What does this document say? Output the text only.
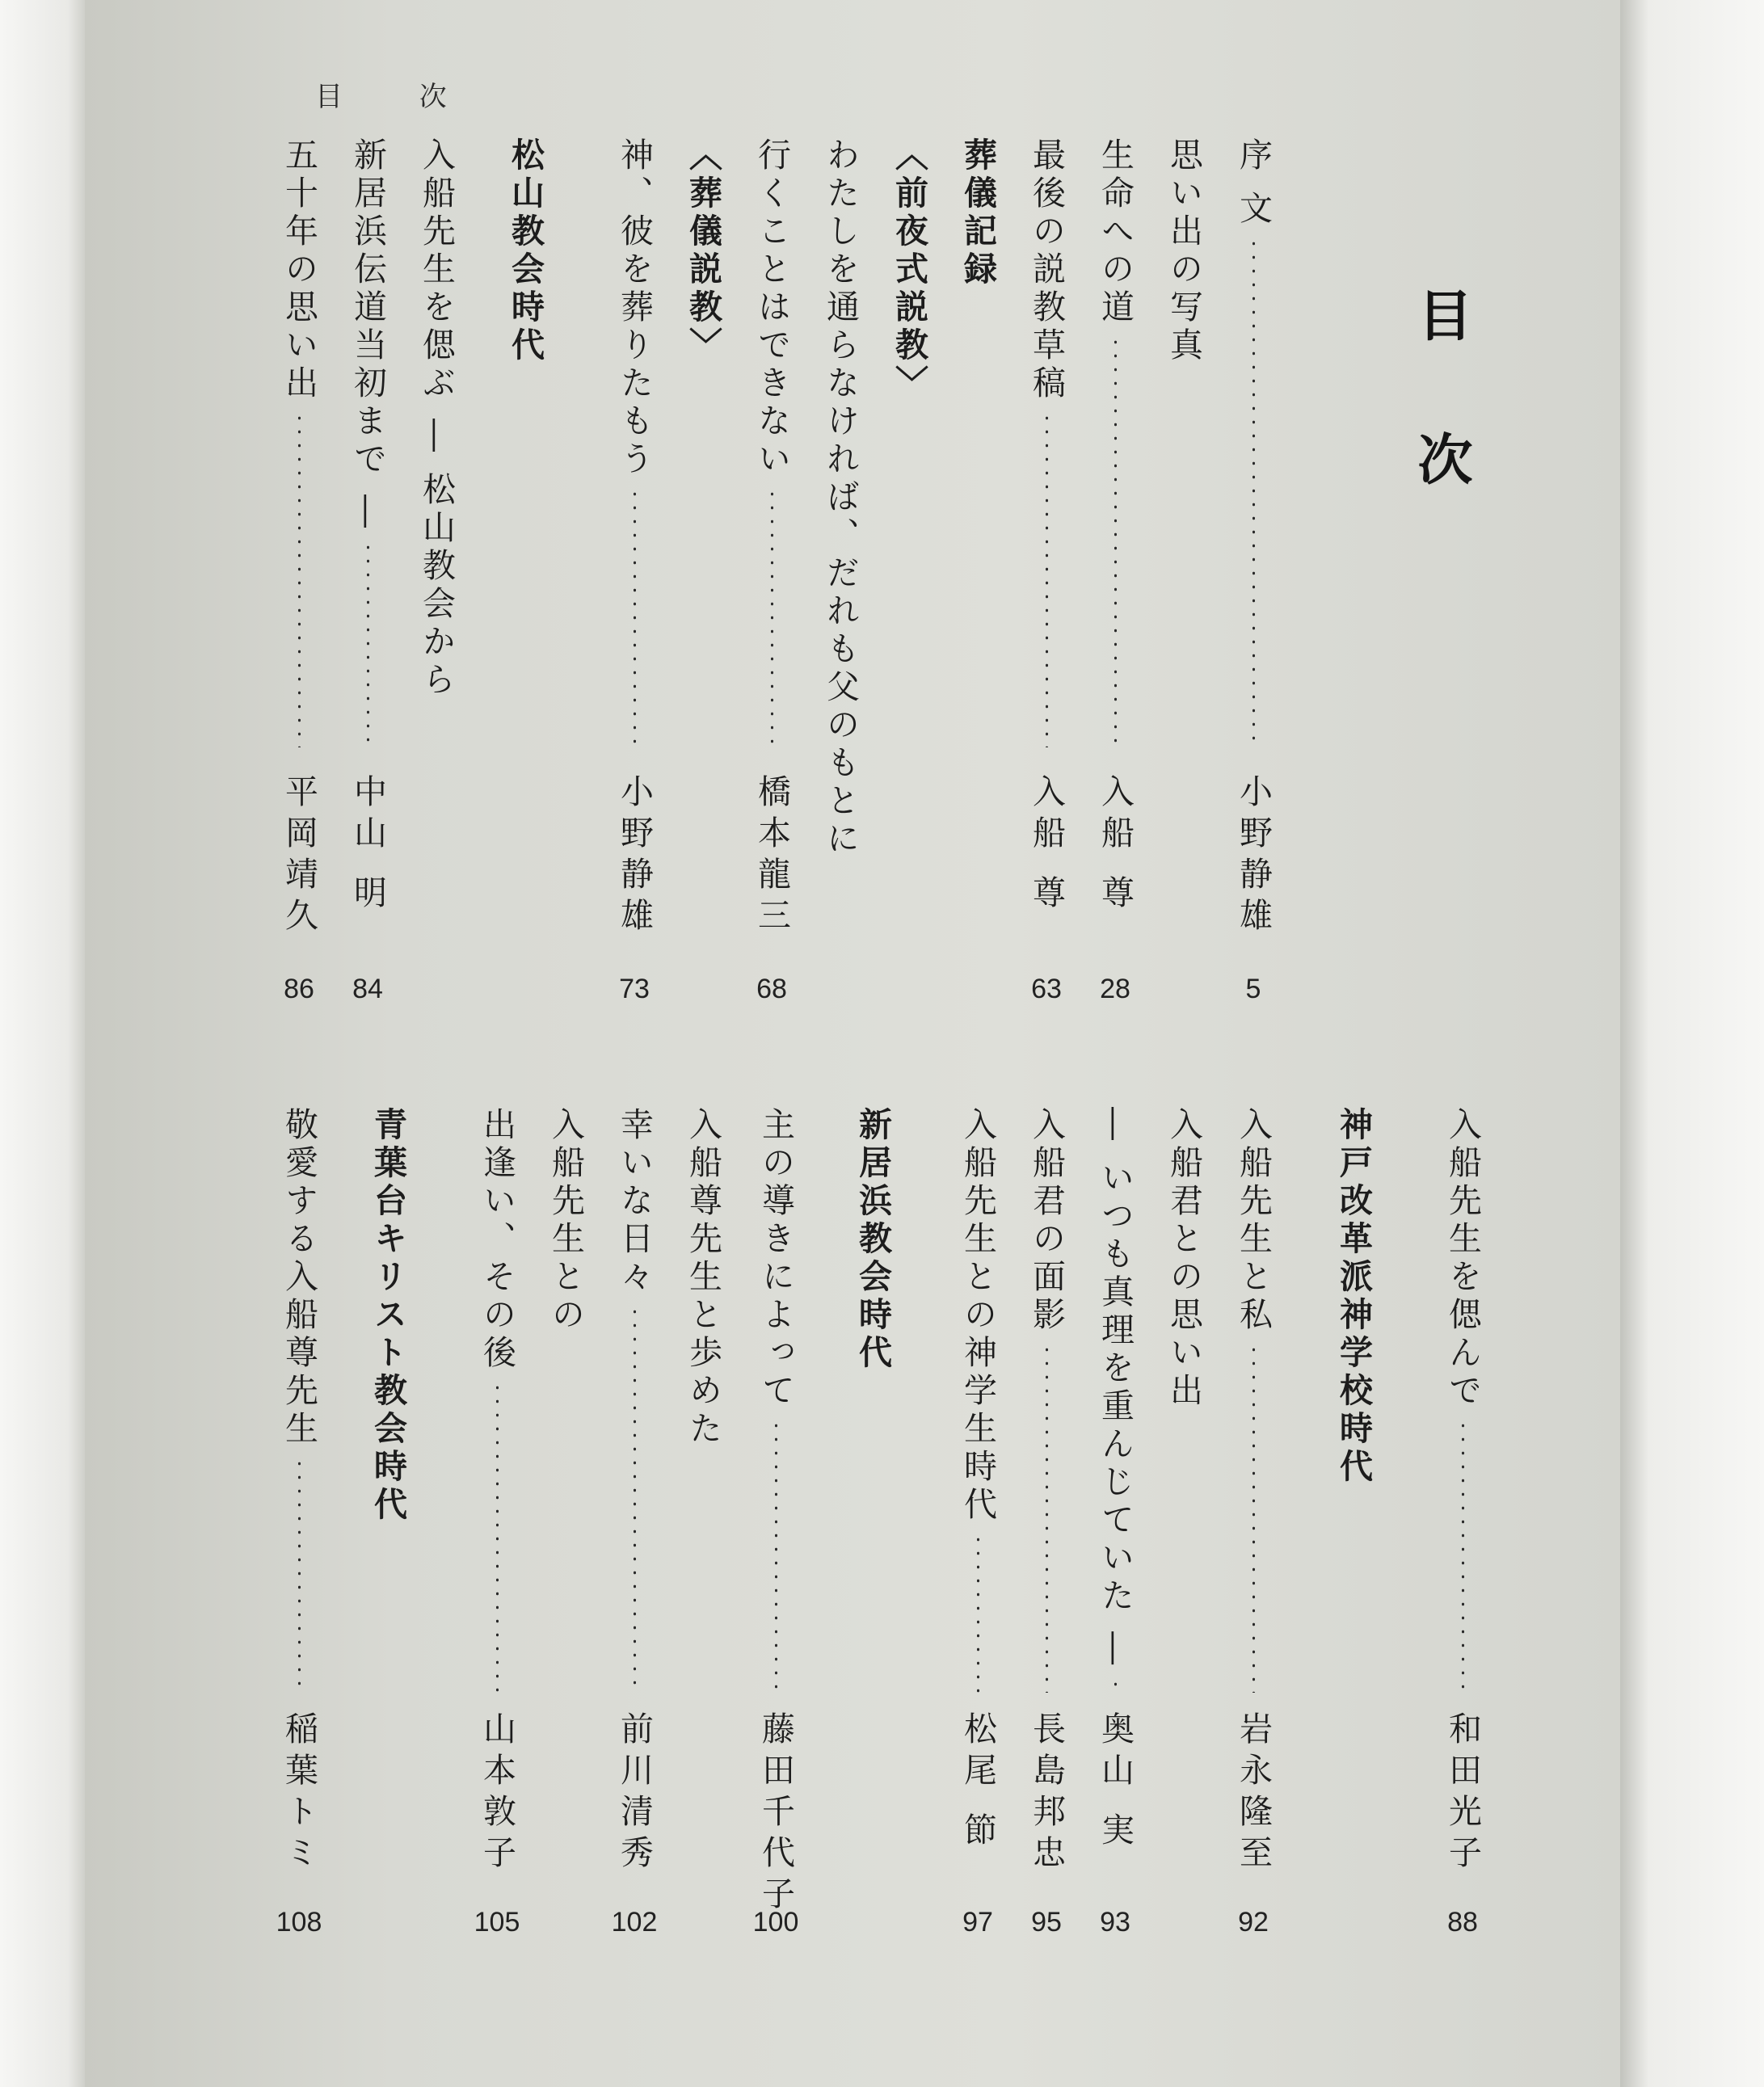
目 次
目次
序 文
小野静雄
5
思い出の写真
生命への道
入船 尊
28
最後の説教草稿
入船 尊
63
葬儀記録
〈前夜式説教〉
わたしを通らなければ、だれも父のもとに
行くことはできない
橋本龍三
68
〈葬儀説教〉
神、彼を葬りたもう
小野静雄
73
松山教会時代
入船先生を偲ぶ ― 松山教会から
新居浜伝道当初まで ―
中山 明
84
五十年の思い出
平岡靖久
86
入船先生を偲んで
和田光子
88
神戸改革派神学校時代
入船先生と私
岩永隆至
92
入船君との思い出
― いつも真理を重んじていた ―
奥山 実
93
入船君の面影
長島邦忠
95
入船先生との神学生時代
松尾 節
97
新居浜教会時代
主の導きによって
藤田千代子
100
入船尊先生と歩めた
幸いな日々
前川清秀
102
入船先生との
出逢い、その後
山本敦子
105
青葉台キリスト教会時代
敬愛する入船尊先生
稲葉トミ
108
